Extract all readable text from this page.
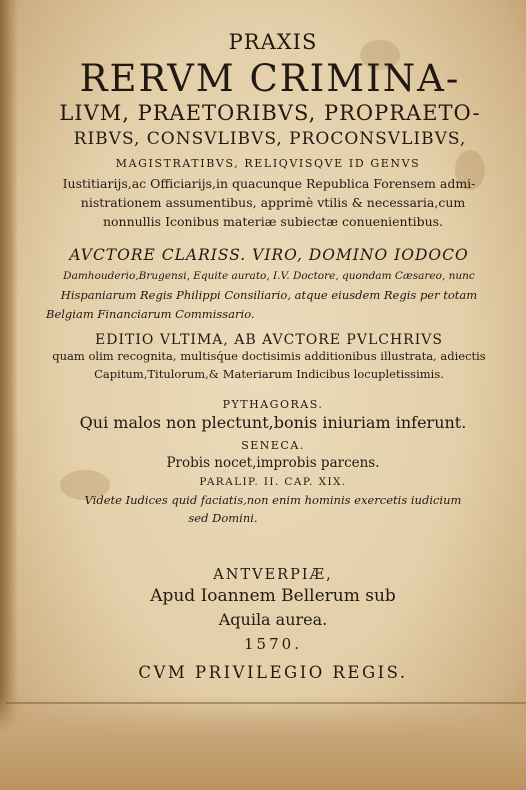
PRAXIS
RERVM CRIMINA-
LIVM, PRAETORIBVS, PROPRAETO-
RIBVS, CONSVLIBVS, PROCONSVLIBVS,
MAGISTRATIBVS, RELIQVISQVE ID GENVS
Iustitiarijs,ac Officiarijs,in quacunque Republica Forensem admi-
nistrationem assumentibus, apprimè vtilis & necessaria,cum
nonnullis Iconibus materiæ subiectæ conuenientibus.
AVCTORE CLARISS. VIRO, DOMINO IODOCO
Damhouderio,Brugensi, Equite aurato, I.V. Doctore, quondam Cæsareo, nunc
Hispaniarum Regis Philippi Consiliario, atque eiusdem Regis per totam
Belgiam Financiarum Commissario.
EDITIO VLTIMA, AB AVCTORE PVLCHRIVS
quam olim recognita, multisq́ue doctisimis additionibus illustrata, adiectis
Capitum,Titulorum,& Materiarum Indicibus locupletissimis.
PYTHAGORAS.
Qui malos non plectunt,bonis iniuriam inferunt.
SENECA.
Probis nocet,improbis parcens.
PARALIP. II. CAP. XIX.
Videte Iudices quid faciatis,non enim hominis exercetis iudicium
sed Domini.
ANTVERPIÆ,
Apud Ioannem Bellerum sub
Aquila aurea.
1570.
CVM PRIVILEGIO REGIS.
